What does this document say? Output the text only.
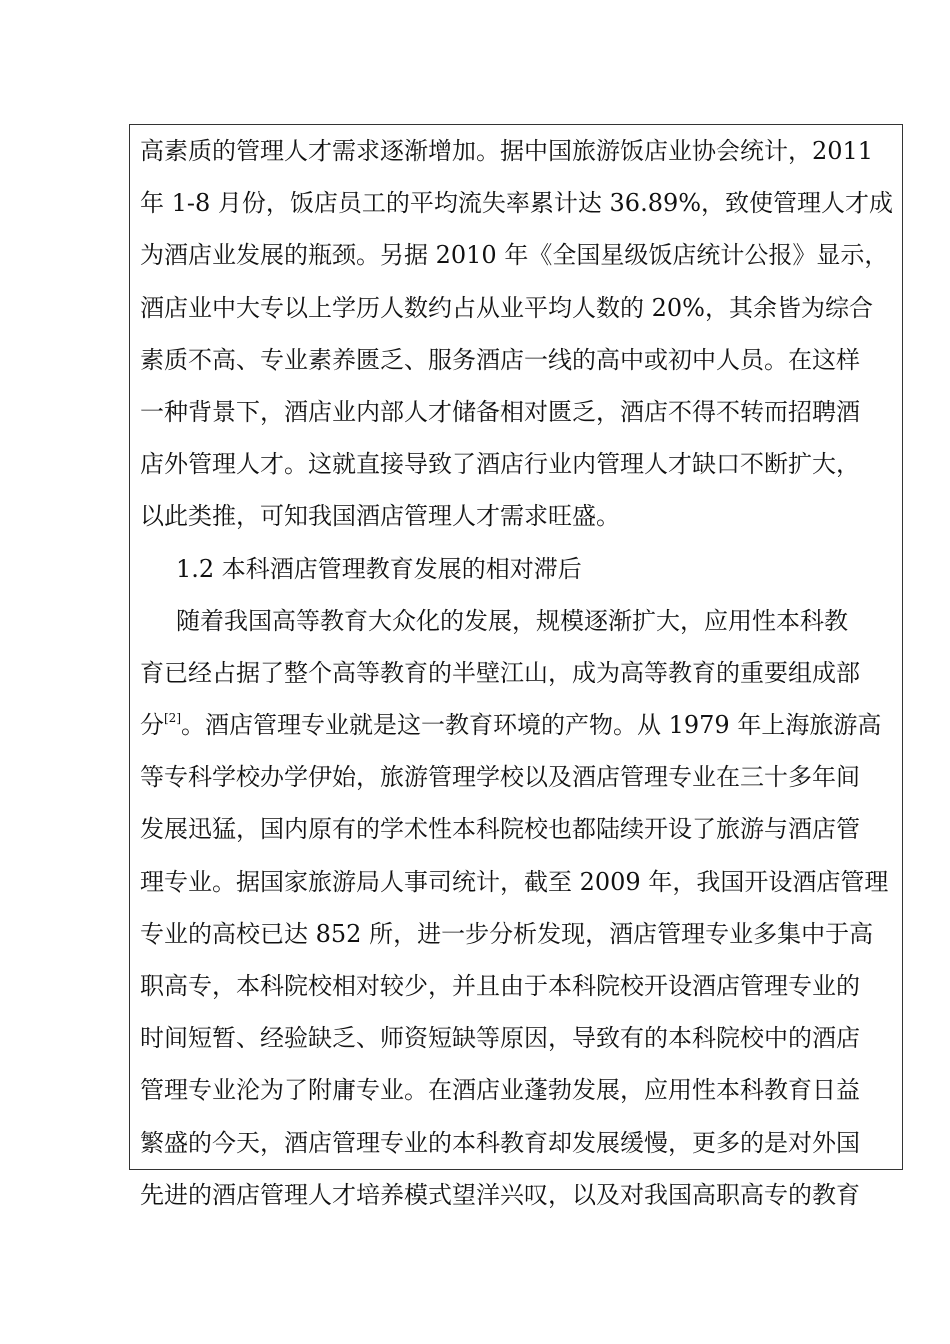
高素质的管理人才需求逐渐增加。据中国旅游饭店业协会统计，2011
年 1-8 月份，饭店员工的平均流失率累计达 36.89%，致使管理人才成
为酒店业发展的瓶颈。另据 2010 年《全国星级饭店统计公报》显示，
酒店业中大专以上学历人数约占从业平均人数的 20%，其余皆为综合
素质不高、专业素养匮乏、服务酒店一线的高中或初中人员。在这样
一种背景下，酒店业内部人才储备相对匮乏，酒店不得不转而招聘酒
店外管理人才。这就直接导致了酒店行业内管理人才缺口不断扩大，
以此类推，可知我国酒店管理人才需求旺盛。
1.2 本科酒店管理教育发展的相对滞后
随着我国高等教育大众化的发展，规模逐渐扩大，应用性本科教
育已经占据了整个高等教育的半壁江山，成为高等教育的重要组成部
分[2]。酒店管理专业就是这一教育环境的产物。从 1979 年上海旅游高
等专科学校办学伊始，旅游管理学校以及酒店管理专业在三十多年间
发展迅猛，国内原有的学术性本科院校也都陆续开设了旅游与酒店管
理专业。据国家旅游局人事司统计，截至 2009 年，我国开设酒店管理
专业的高校已达 852 所，进一步分析发现，酒店管理专业多集中于高
职高专，本科院校相对较少，并且由于本科院校开设酒店管理专业的
时间短暂、经验缺乏、师资短缺等原因，导致有的本科院校中的酒店
管理专业沦为了附庸专业。在酒店业蓬勃发展，应用性本科教育日益
繁盛的今天，酒店管理专业的本科教育却发展缓慢，更多的是对外国
先进的酒店管理人才培养模式望洋兴叹，以及对我国高职高专的教育
